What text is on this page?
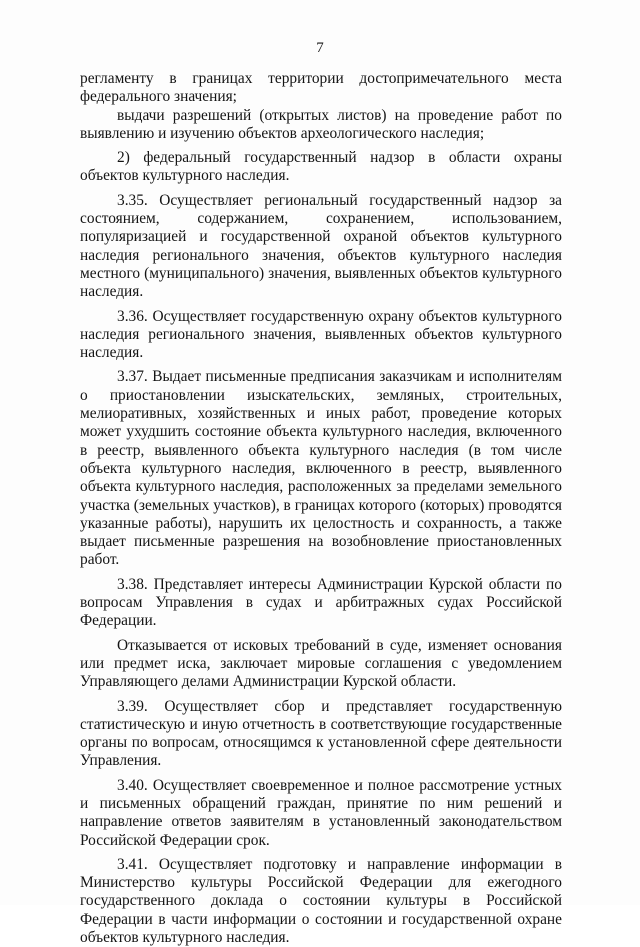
7

регламенту в границах территории достопримечательного места федерального значения;

выдачи разрешений (открытых листов) на проведение работ по выявлению и изучению объектов археологического наследия;

2) федеральный государственный надзор в области охраны объектов культурного наследия.

3.35. Осуществляет региональный государственный надзор за состоянием, содержанием, сохранением, использованием, популяризацией и государственной охраной объектов культурного наследия регионального значения, объектов культурного наследия местного (муниципального) значения, выявленных объектов культурного наследия.

3.36. Осуществляет государственную охрану объектов культурного наследия регионального значения, выявленных объектов культурного наследия.

3.37. Выдает письменные предписания заказчикам и исполнителям о приостановлении изыскательских, земляных, строительных, мелиоративных, хозяйственных и иных работ, проведение которых может ухудшить состояние объекта культурного наследия, включенного в реестр, выявленного объекта культурного наследия (в том числе объекта культурного наследия, включенного в реестр, выявленного объекта культурного наследия, расположенных за пределами земельного участка (земельных участков), в границах которого (которых) проводятся указанные работы), нарушить их целостность и сохранность, а также выдает письменные разрешения на возобновление приостановленных работ.

3.38. Представляет интересы Администрации Курской области по вопросам Управления в судах и арбитражных судах Российской Федерации.

Отказывается от исковых требований в суде, изменяет основания или предмет иска, заключает мировые соглашения с уведомлением Управляющего делами Администрации Курской области.

3.39. Осуществляет сбор и представляет государственную статистическую и иную отчетность в соответствующие государственные органы по вопросам, относящимся к установленной сфере деятельности Управления.

3.40. Осуществляет своевременное и полное рассмотрение устных и письменных обращений граждан, принятие по ним решений и направление ответов заявителям в установленный законодательством Российской Федерации срок.

3.41. Осуществляет подготовку и направление информации в Министерство культуры Российской Федерации для ежегодного государственного доклада о состоянии культуры в Российской Федерации в части информации о состоянии и государственной охране объектов культурного наследия.
